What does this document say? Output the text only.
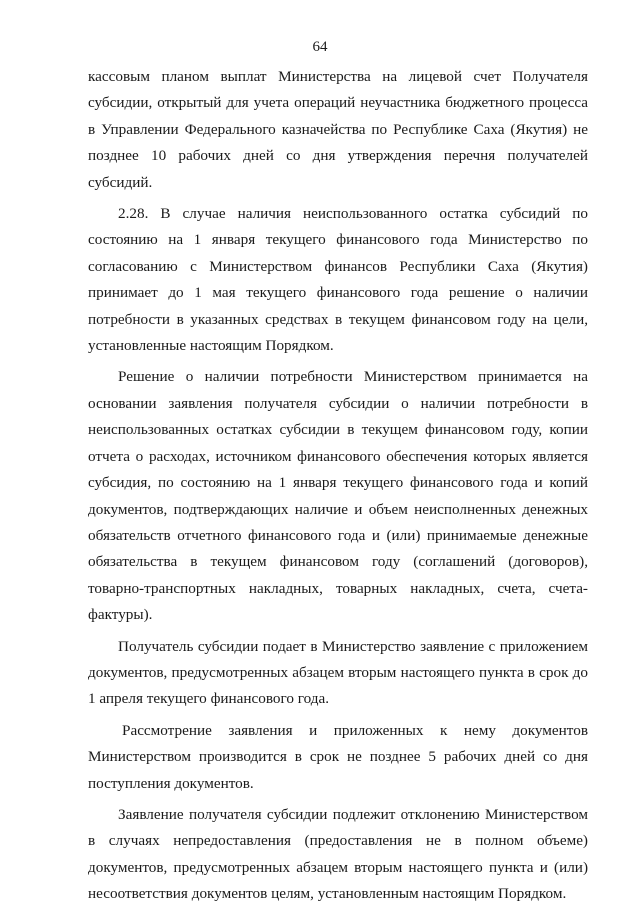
64

кассовым планом выплат Министерства на лицевой счет Получателя субсидии, открытый для учета операций неучастника бюджетного процесса в Управлении Федерального казначейства по Республике Саха (Якутия) не позднее 10 рабочих дней со дня утверждения перечня получателей субсидий.

2.28. В случае наличия неиспользованного остатка субсидий по состоянию на 1 января текущего финансового года Министерство по согласованию с Министерством финансов Республики Саха (Якутия) принимает до 1 мая текущего финансового года решение о наличии потребности в указанных средствах в текущем финансовом году на цели, установленные настоящим Порядком.

Решение о наличии потребности Министерством принимается на основании заявления получателя субсидии о наличии потребности в неиспользованных остатках субсидии в текущем финансовом году, копии отчета о расходах, источником финансового обеспечения которых является субсидия, по состоянию на 1 января текущего финансового года и копий документов, подтверждающих наличие и объем неисполненных денежных обязательств отчетного финансового года и (или) принимаемые денежные обязательства в текущем финансовом году (соглашений (договоров), товарно-транспортных накладных, товарных накладных, счета, счета-фактуры).

Получатель субсидии подает в Министерство заявление с приложением документов, предусмотренных абзацем вторым настоящего пункта в срок до 1 апреля текущего финансового года.

Рассмотрение заявления и приложенных к нему документов Министерством производится в срок не позднее 5 рабочих дней со дня поступления документов.

Заявление получателя субсидии подлежит отклонению Министерством в случаях непредоставления (предоставления не в полном объеме) документов, предусмотренных абзацем вторым настоящего пункта и (или) несоответствия документов целям, установленным настоящим Порядком.
